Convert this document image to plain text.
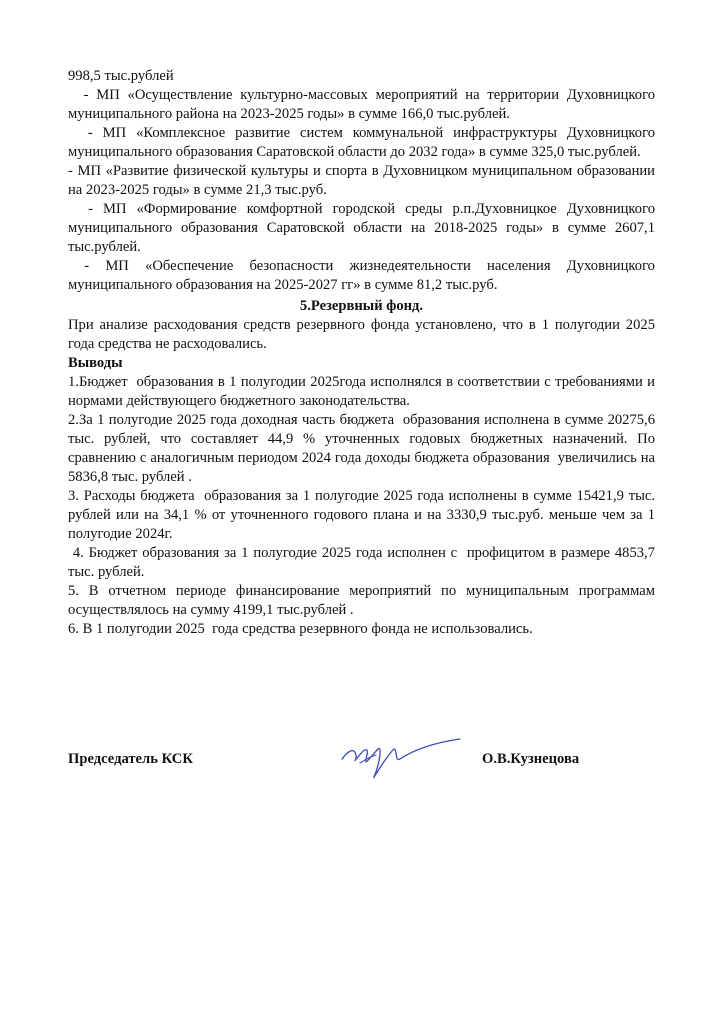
998,5 тыс.рублей

- МП «Осуществление культурно-массовых мероприятий на территории Духовницкого муниципального района на 2023-2025 годы» в сумме 166,0 тыс.рублей.

- МП «Комплексное развитие систем коммунальной инфраструктуры Духовницкого муниципального образования Саратовской области до 2032 года» в сумме 325,0 тыс.рублей.

- МП «Развитие физической культуры и спорта в Духовницком муниципальном образовании на 2023-2025 годы» в сумме 21,3 тыс.руб.

- МП «Формирование комфортной городской среды р.п.Духовницкое Духовницкого муниципального образования Саратовской области на 2018-2025 годы» в сумме 2607,1 тыс.рублей.

- МП «Обеспечение безопасности жизнедеятельности населения Духовницкого муниципального образования на 2025-2027 гг» в сумме 81,2 тыс.руб.

5.Резервный фонд.

При анализе расходования средств резервного фонда установлено, что в 1 полугодии 2025 года средства не расходовались.

Выводы

1.Бюджет  образования в 1 полугодии 2025года исполнялся в соответствии с требованиями и нормами действующего бюджетного законодательства.

2.За 1 полугодие 2025 года доходная часть бюджета  образования исполнена в сумме 20275,6 тыс. рублей, что составляет 44,9 % уточненных годовых бюджетных назначений. По сравнению с аналогичным периодом 2024 года доходы бюджета образования  увеличились на  5836,8 тыс. рублей .

3. Расходы бюджета  образования за 1 полугодие 2025 года исполнены в сумме 15421,9 тыс. рублей или на 34,1 % от уточненного годового плана и на 3330,9 тыс.руб. меньше чем за 1 полугодие 2024г.

4. Бюджет образования за 1 полугодие 2025 года исполнен с  профицитом в размере 4853,7 тыс. рублей.

5. В отчетном периоде финансирование мероприятий по муниципальным программам осуществлялось на сумму 4199,1 тыс.рублей .

6. В 1 полугодии 2025  года средства резервного фонда не использовались.

Председатель КСК	О.В.Кузнецова
